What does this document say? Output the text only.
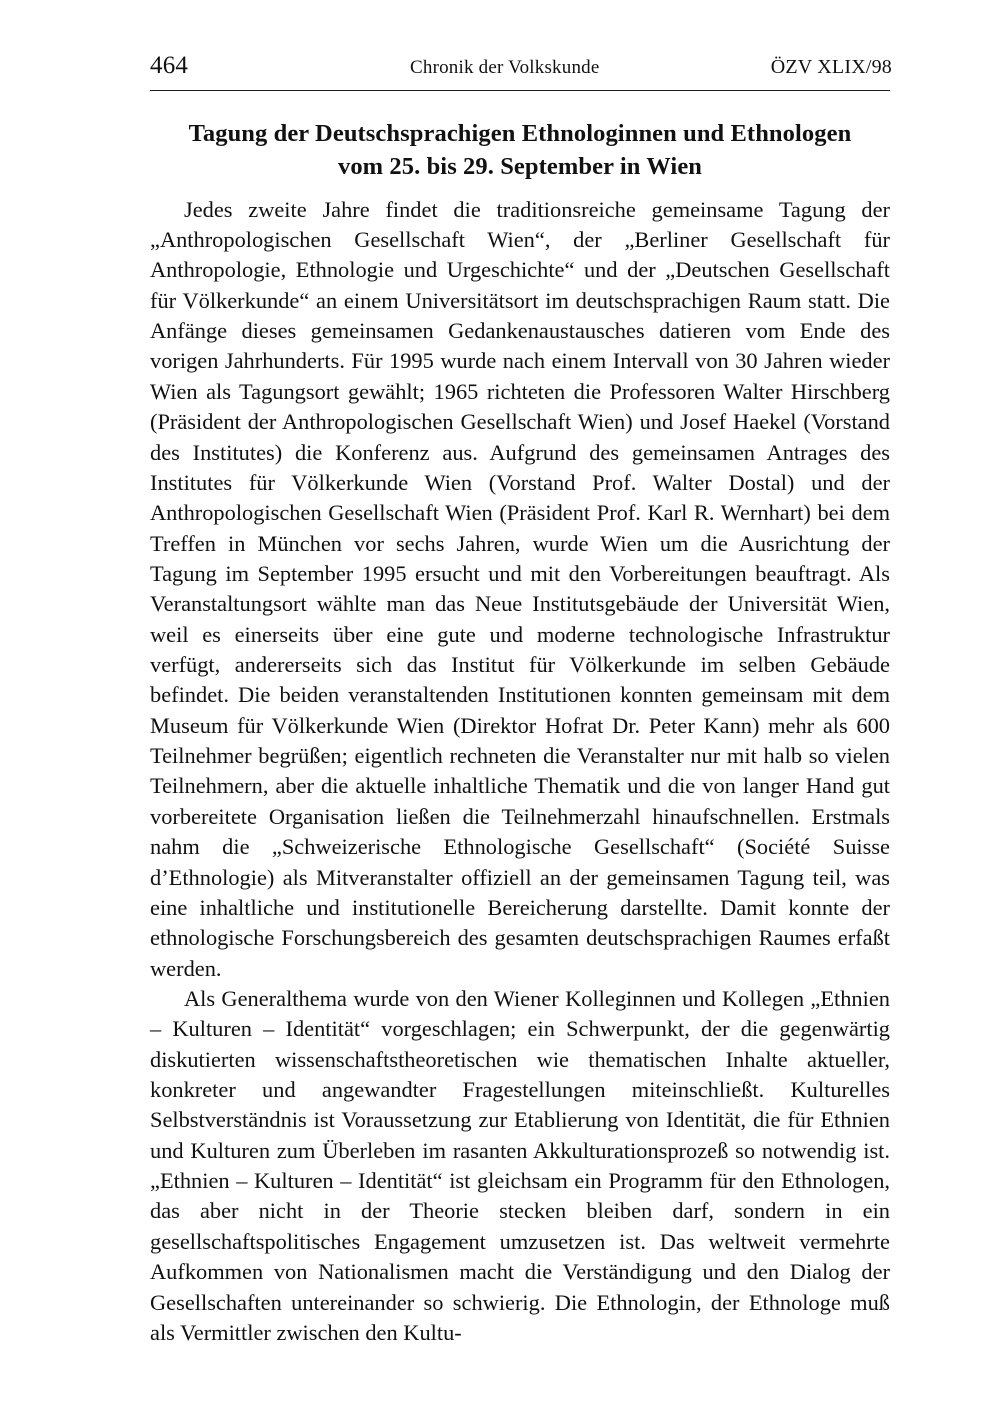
464	Chronik der Volkskunde	ÖZV XLIX/98
Tagung der Deutschsprachigen Ethnologinnen und Ethnologen
vom 25. bis 29. September in Wien

Jedes zweite Jahre findet die traditionsreiche gemeinsame Tagung der „Anthropologischen Gesellschaft Wien“, der „Berliner Gesellschaft für Anthropologie, Ethnologie und Urgeschichte“ und der „Deutschen Gesellschaft für Völkerkunde“ an einem Universitätsort im deutschsprachigen Raum statt. Die Anfänge dieses gemeinsamen Gedankenaustausches datieren vom Ende des vorigen Jahrhunderts. Für 1995 wurde nach einem Intervall von 30 Jahren wieder Wien als Tagungsort gewählt; 1965 richteten die Professoren Walter Hirschberg (Präsident der Anthropologischen Gesellschaft Wien) und Josef Haekel (Vorstand des Institutes) die Konferenz aus. Aufgrund des gemeinsamen Antrages des Institutes für Völkerkunde Wien (Vorstand Prof. Walter Dostal) und der Anthropologischen Gesellschaft Wien (Präsident Prof. Karl R. Wernhart) bei dem Treffen in München vor sechs Jahren, wurde Wien um die Ausrichtung der Tagung im September 1995 ersucht und mit den Vorbereitungen beauftragt. Als Veranstaltungsort wählte man das Neue Institutsgebäude der Universität Wien, weil es einerseits über eine gute und moderne technologische Infrastruktur verfügt, andererseits sich das Institut für Völkerkunde im selben Gebäude befindet. Die beiden veranstaltenden Institutionen konnten gemeinsam mit dem Museum für Völkerkunde Wien (Direktor Hofrat Dr. Peter Kann) mehr als 600 Teilnehmer begrüßen; eigentlich rechneten die Veranstalter nur mit halb so vielen Teilnehmern, aber die aktuelle inhaltliche Thematik und die von langer Hand gut vorbereitete Organisation ließen die Teilnehmerzahl hinaufschnellen. Erstmals nahm die „Schweizerische Ethnologische Gesellschaft“ (Société Suisse d’Ethnologie) als Mitveranstalter offiziell an der gemeinsamen Tagung teil, was eine inhaltliche und institutionelle Bereicherung darstellte. Damit konnte der ethnologische Forschungsbereich des gesamten deutschsprachigen Raumes erfaßt werden.

Als Generalthema wurde von den Wiener Kolleginnen und Kollegen „Ethnien – Kulturen – Identität“ vorgeschlagen; ein Schwerpunkt, der die gegenwärtig diskutierten wissenschaftstheoretischen wie thematischen Inhalte aktueller, konkreter und angewandter Fragestellungen miteinschließt. Kulturelles Selbstverständnis ist Voraussetzung zur Etablierung von Identität, die für Ethnien und Kulturen zum Überleben im rasanten Akkulturationsprozeß so notwendig ist. „Ethnien – Kulturen – Identität“ ist gleichsam ein Programm für den Ethnologen, das aber nicht in der Theorie stecken bleiben darf, sondern in ein gesellschaftspolitisches Engagement umzusetzen ist. Das weltweit vermehrte Aufkommen von Nationalismen macht die Verständigung und den Dialog der Gesellschaften untereinander so schwierig. Die Ethnologin, der Ethnologe muß als Vermittler zwischen den Kultu-
